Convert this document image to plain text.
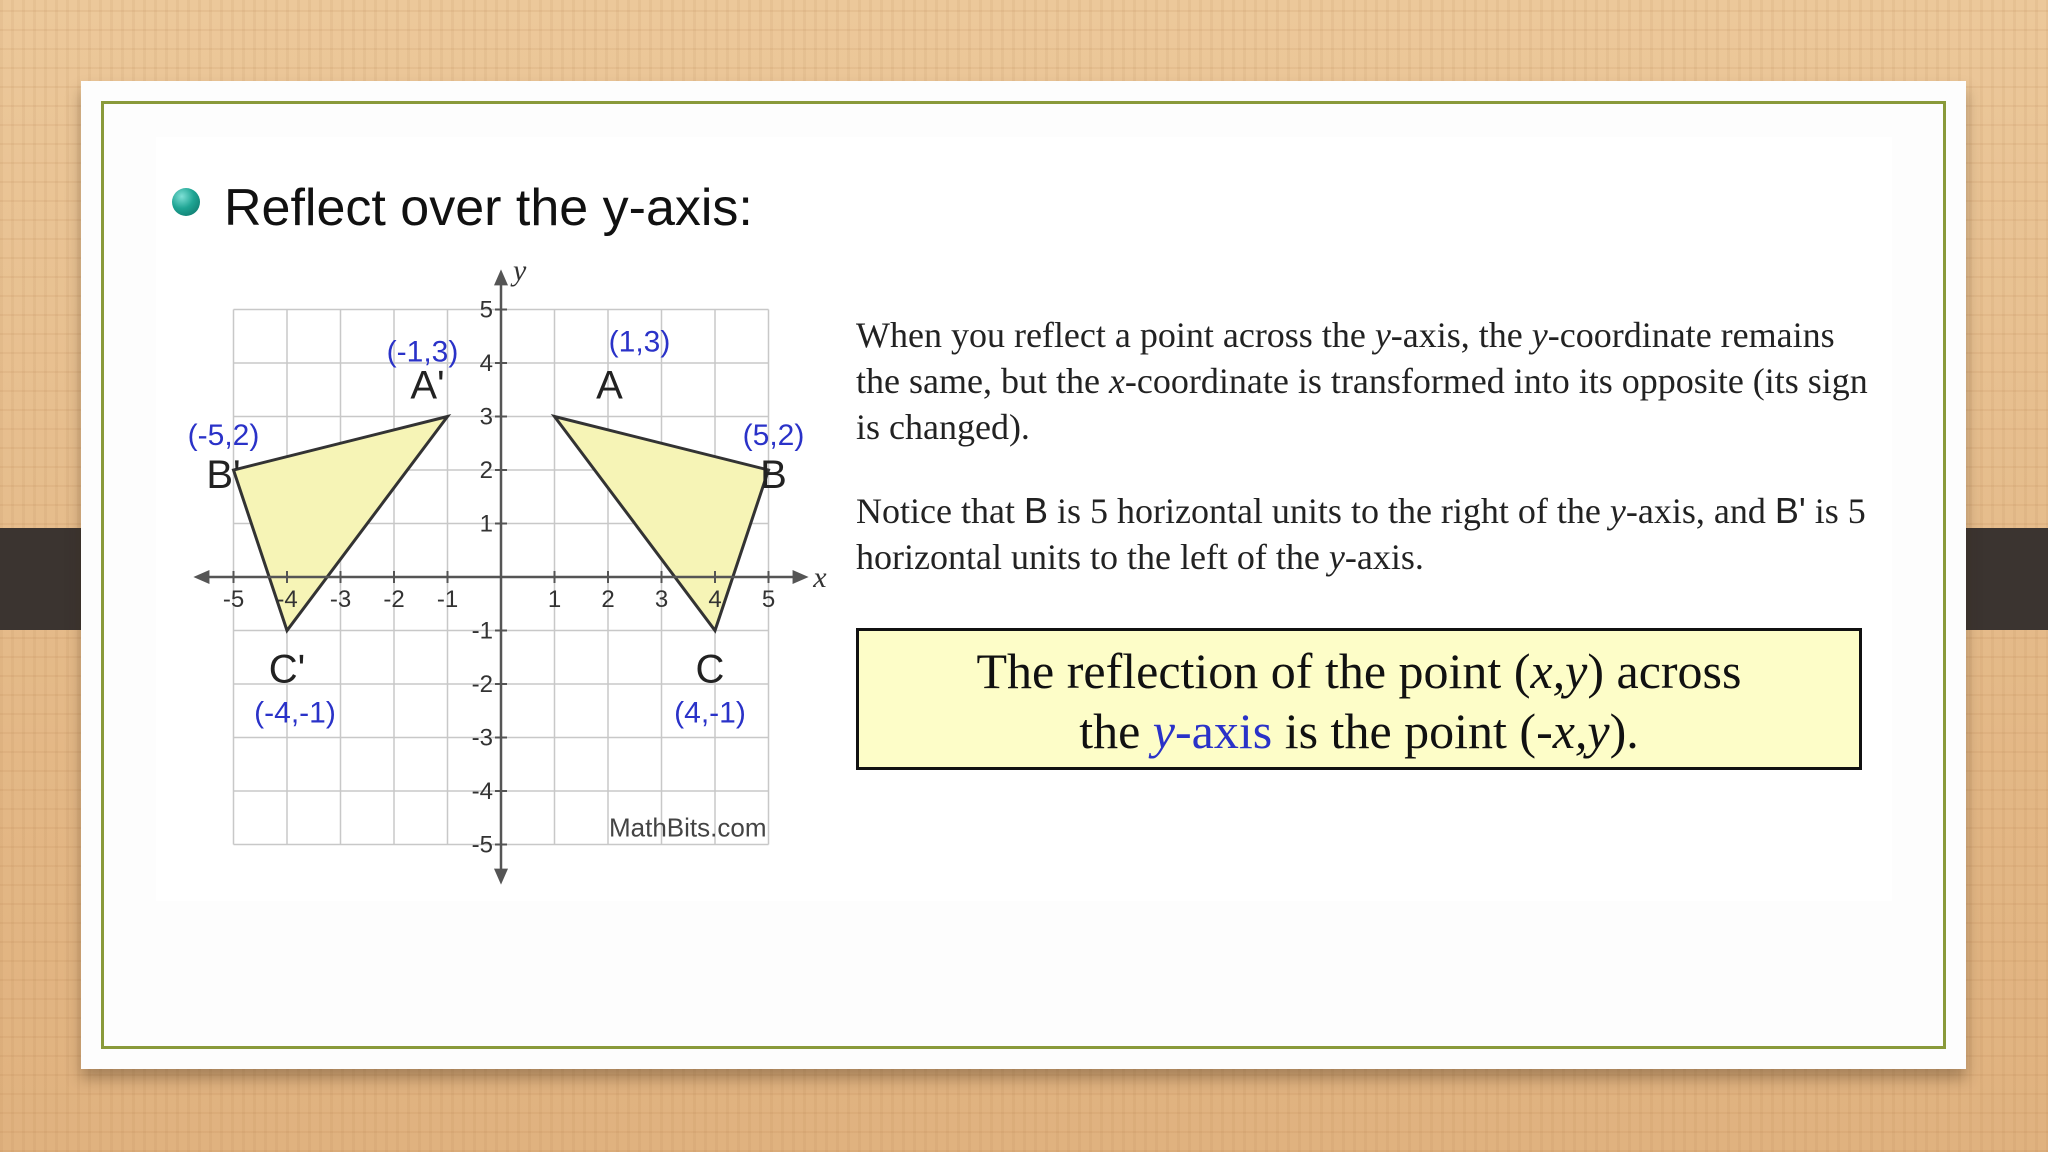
Reflect over the y-axis:
-5 -4 -3 -2 -1	1 2 3 4 5
5
4
3
2
1
-1
-2
-3
-4
-5
x
y
A
(1,3)
B
(5,2)
C
(4,-1)
A'
(-1,3)
B'
(-5,2)
C'
(-4,-1)
MathBits.com

When you reflect a point across the y-axis, the y-coordinate remains the same, but the x-coordinate is transformed into its opposite (its sign is changed).

Notice that B is 5 horizontal units to the right of the y-axis, and B' is 5 horizontal units to the left of the y-axis.

The reflection of the point (x,y) across
the y-axis is the point (-x,y).
